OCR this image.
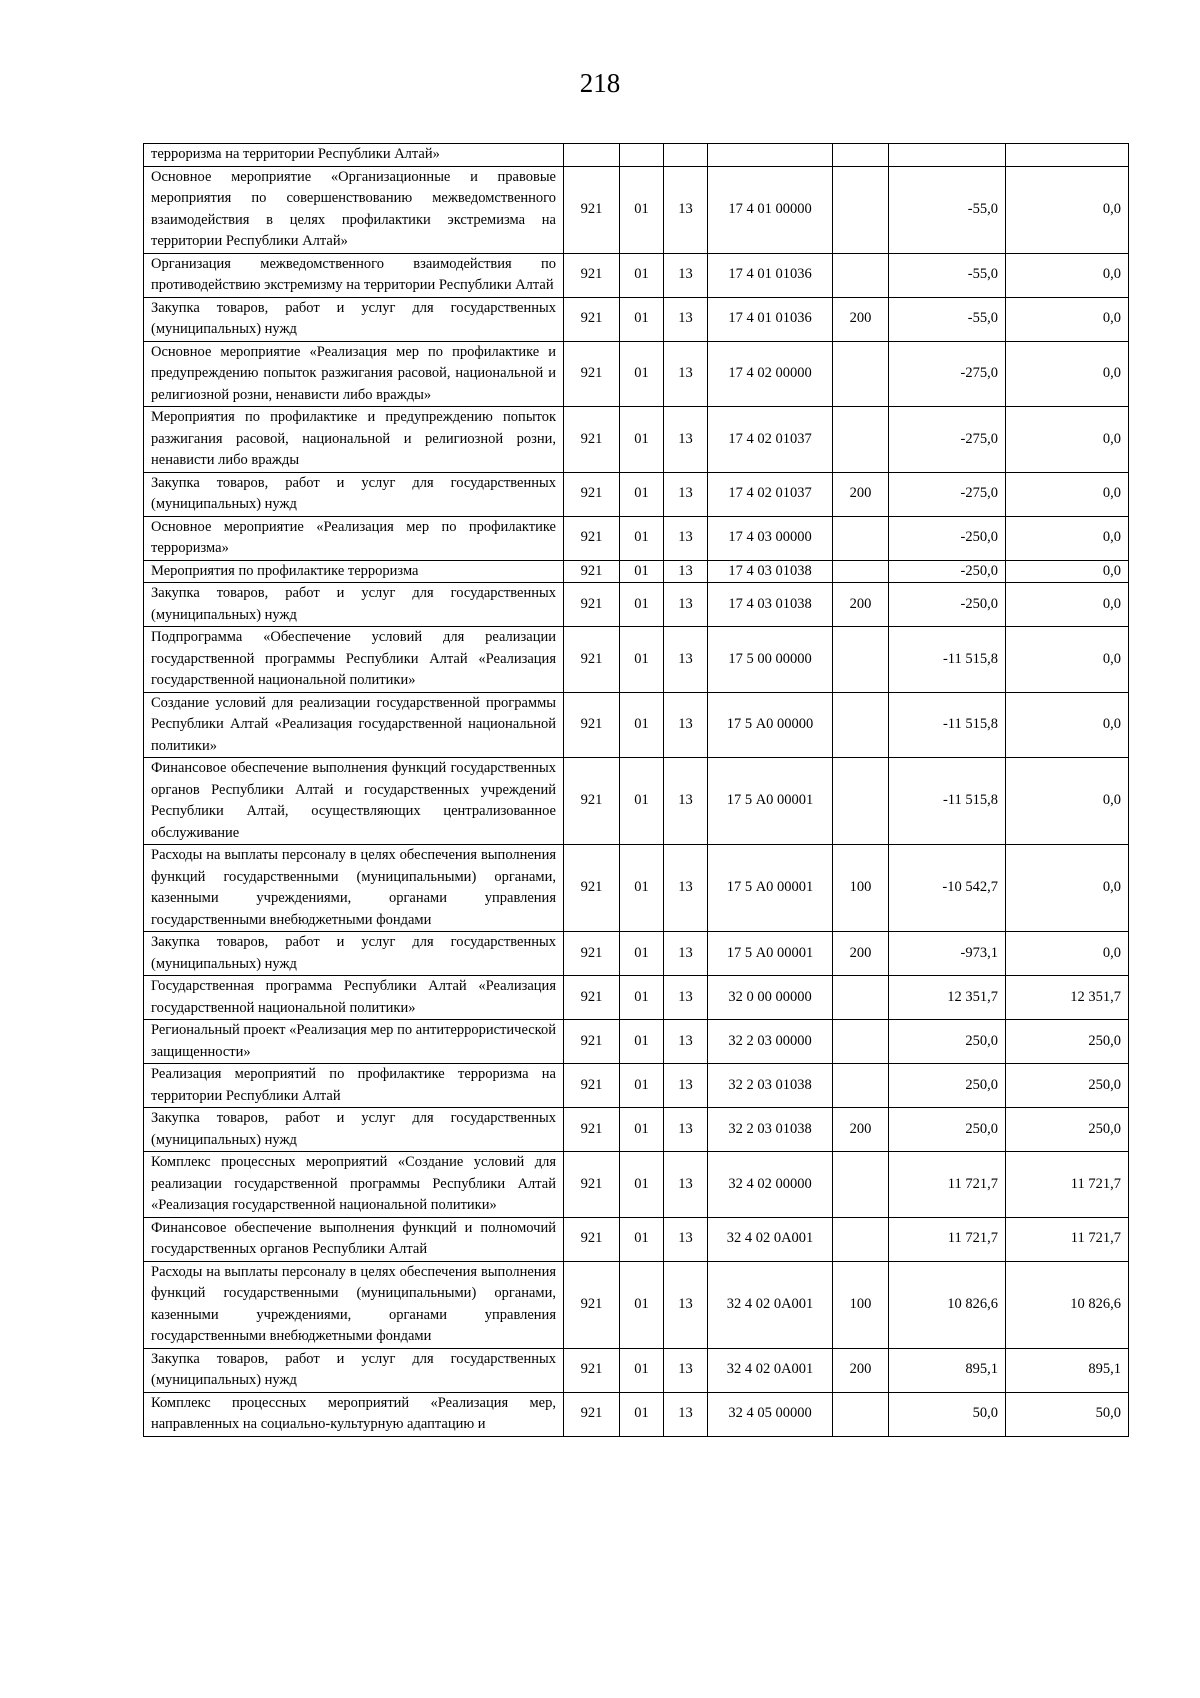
218
терроризма на территории Республики Алтай»							
Основное мероприятие «Организационные и правовые мероприятия по совершенствованию межведомственного взаимодействия в целях профилактики экстремизма на территории Республики Алтай»	921	01	13	17 4 01 00000		-55,0	0,0
Организация межведомственного взаимодействия по противодействию экстремизму на территории Республики Алтай	921	01	13	17 4 01 01036		-55,0	0,0
Закупка товаров, работ и услуг для государственных (муниципальных) нужд	921	01	13	17 4 01 01036	200	-55,0	0,0
Основное мероприятие «Реализация мер по профилактике и предупреждению попыток разжигания расовой, национальной и религиозной розни, ненависти либо вражды»	921	01	13	17 4 02 00000		-275,0	0,0
Мероприятия по профилактике и предупреждению попыток разжигания расовой, национальной и религиозной розни, ненависти либо вражды	921	01	13	17 4 02 01037		-275,0	0,0
Закупка товаров, работ и услуг для государственных (муниципальных) нужд	921	01	13	17 4 02 01037	200	-275,0	0,0
Основное мероприятие «Реализация мер по профилактике терроризма»	921	01	13	17 4 03 00000		-250,0	0,0
Мероприятия по профилактике терроризма	921	01	13	17 4 03 01038		-250,0	0,0
Закупка товаров, работ и услуг для государственных (муниципальных) нужд	921	01	13	17 4 03 01038	200	-250,0	0,0
Подпрограмма «Обеспечение условий для реализации государственной программы Республики Алтай «Реализация государственной национальной политики»	921	01	13	17 5 00 00000		-11 515,8	0,0
Создание условий для реализации государственной программы Республики Алтай «Реализация государственной национальной политики»	921	01	13	17 5 А0 00000		-11 515,8	0,0
Финансовое обеспечение выполнения функций государственных органов Республики Алтай и государственных учреждений Республики Алтай, осуществляющих централизованное обслуживание	921	01	13	17 5 А0 00001		-11 515,8	0,0
Расходы на выплаты персоналу в целях обеспечения выполнения функций государственными (муниципальными) органами, казенными учреждениями, органами управления государственными внебюджетными фондами	921	01	13	17 5 А0 00001	100	-10 542,7	0,0
Закупка товаров, работ и услуг для государственных (муниципальных) нужд	921	01	13	17 5 А0 00001	200	-973,1	0,0
Государственная программа Республики Алтай «Реализация государственной национальной политики»	921	01	13	32 0 00 00000		12 351,7	12 351,7
Региональный проект «Реализация мер по антитеррористической защищенности»	921	01	13	32 2 03 00000		250,0	250,0
Реализация мероприятий по профилактике терроризма на территории Республики Алтай	921	01	13	32 2 03 01038		250,0	250,0
Закупка товаров, работ и услуг для государственных (муниципальных) нужд	921	01	13	32 2 03 01038	200	250,0	250,0
Комплекс процессных мероприятий «Создание условий для реализации государственной программы Республики Алтай «Реализация государственной национальной политики»	921	01	13	32 4 02 00000		11 721,7	11 721,7
Финансовое обеспечение выполнения функций и полномочий государственных органов Республики Алтай	921	01	13	32 4 02 0А001		11 721,7	11 721,7
Расходы на выплаты персоналу в целях обеспечения выполнения функций государственными (муниципальными) органами, казенными учреждениями, органами управления государственными внебюджетными фондами	921	01	13	32 4 02 0А001	100	10 826,6	10 826,6
Закупка товаров, работ и услуг для государственных (муниципальных) нужд	921	01	13	32 4 02 0А001	200	895,1	895,1
Комплекс процессных мероприятий «Реализация мер, направленных на социально-культурную адаптацию и	921	01	13	32 4 05 00000		50,0	50,0
